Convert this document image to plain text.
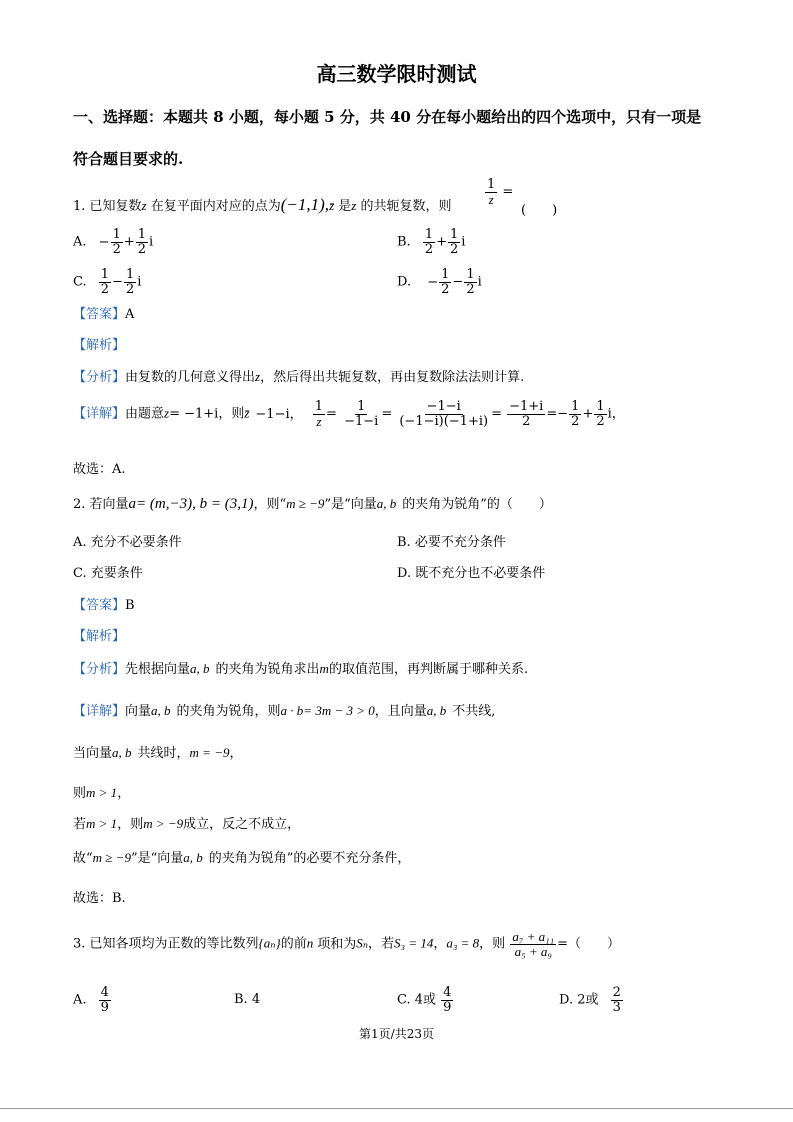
高三数学限时测试
一、选择题：本题共 8 小题，每小题 5 分，共 40 分在每小题给出的四个选项中，只有一项是
符合题目要求的.
1. 已知复数z 在复平面内对应的点为(−1,1),z̄ 是z 的共轭复数，则
$\frac{1}{z}$ =
(　　)
A. − $\frac{1}{2} + \frac{1}{2}$ i	B. $\frac{1}{2} + \frac{1}{2}$ i
C. $\frac{1}{2} - \frac{1}{2}$ i	D. − $\frac{1}{2} - \frac{1}{2}$ i
【答案】A
【解析】
【分析】由复数的几何意义得出z，然后得出共轭复数，再由复数除法法则计算.
【详解】由题意z= −1+i，则z̄ −1−i， $\frac{1}{z} = \frac{1}{-1-i} = \frac{-1-i}{(-1-i)(-1+i)} = \frac{-1+i}{2} =- \frac{1}{2} + \frac{1}{2}$ i，
故选：A.
2. 若向量a= (m,−3), b = (3,1)，则“m ≥ −9”是“向量a, b 的夹角为锐角”的（　　）
A. 充分不必要条件	B. 必要不充分条件
C. 充要条件	D. 既不充分也不必要条件
【答案】B
【解析】
【分析】先根据向量a, b 的夹角为锐角求出m的取值范围，再判断属于哪种关系.
【详解】向量a, b 的夹角为锐角，则a · b= 3m − 3 > 0，且向量a, b 不共线,
当向量a, b 共线时，m = −9，
则m > 1，
若m > 1，则m > −9成立，反之不成立，
故“m ≥ −9”是“向量a, b 的夹角为锐角”的必要不充分条件，
故选：B.
3. 已知各项均为正数的等比数列{aₙ}的前n 项和为Sₙ，若S₃ = 14，a₃ = 8，则 $\frac{\text{a₇ + a₁₁}}{\text{a₅ + a₉}}$ =（　　）
A. $\frac{4}{9}$	B. 4	C. 4或 $\frac{4}{9}$	D. 2或 $\frac{2}{3}$
第1页/共23页
